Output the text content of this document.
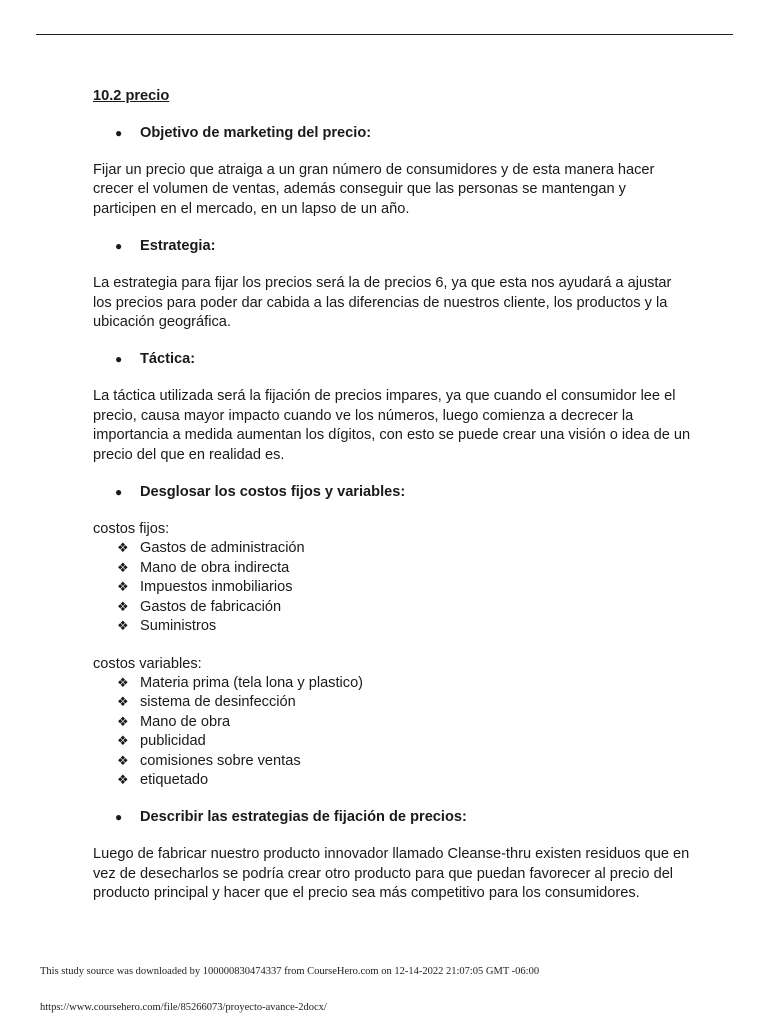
10.2 precio

● Objetivo de marketing del precio:

Fijar un precio que atraiga a un gran número de consumidores y de esta manera hacer crecer el volumen de ventas, además conseguir que las personas se mantengan y participen en el mercado, en un lapso de un año.

● Estrategia:

La estrategia para fijar los precios será la de precios 6, ya que esta nos ayudará a ajustar los precios para poder dar cabida a las diferencias de nuestros cliente, los productos y la ubicación geográfica.

● Táctica:

La táctica utilizada será la fijación de precios impares, ya que cuando el consumidor lee el precio, causa mayor impacto cuando ve los números, luego comienza a decrecer la importancia a medida aumentan los dígitos, con esto se puede crear una visión o idea de un precio del que en realidad es.

● Desglosar los costos fijos y variables:

costos fijos:

❖ Gastos de administración
❖ Mano de obra indirecta
❖ Impuestos inmobiliarios
❖ Gastos de fabricación
❖ Suministros

costos variables:

❖ Materia prima (tela lona y plastico)
❖ sistema de desinfección
❖ Mano de obra
❖ publicidad
❖ comisiones sobre ventas
❖ etiquetado

● Describir las estrategias de fijación de precios:

Luego de fabricar nuestro producto innovador llamado Cleanse-thru existen residuos que en vez de desecharlos se podría crear otro producto para que puedan favorecer al precio del producto principal y hacer que el precio sea más competitivo para los consumidores.

This study source was downloaded by 100000830474337 from CourseHero.com on 12-14-2022 21:07:05 GMT -06:00
https://www.coursehero.com/file/85266073/proyecto-avance-2docx/
